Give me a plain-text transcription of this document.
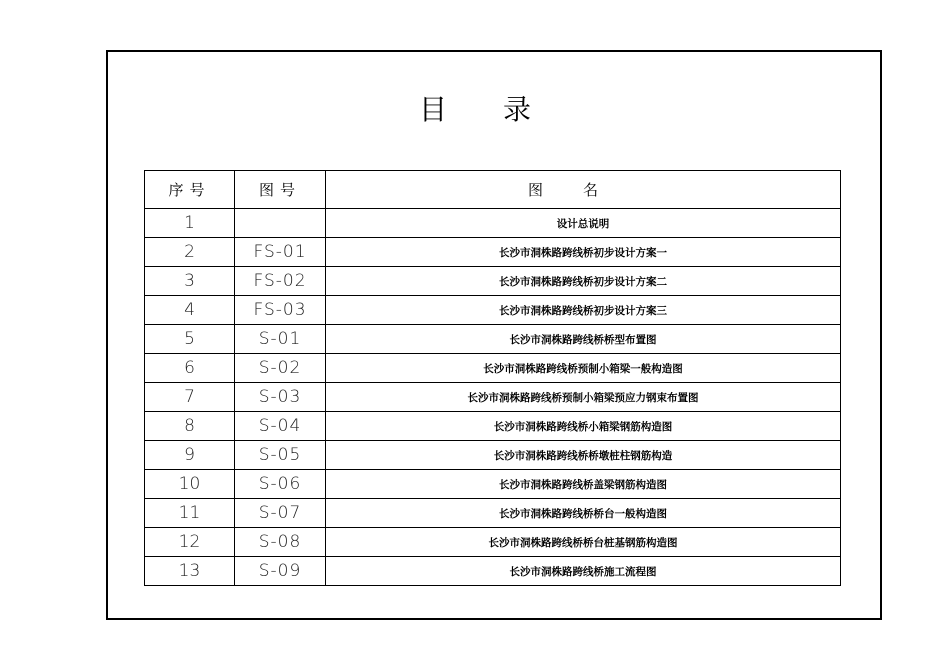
目录
序号	图号	图名
1		设计总说明
2	FS-01	长沙市洞株路跨线桥初步设计方案一
3	FS-02	长沙市洞株路跨线桥初步设计方案二
4	FS-03	长沙市洞株路跨线桥初步设计方案三
5	S-01	长沙市洞株路跨线桥桥型布置图
6	S-02	长沙市洞株路跨线桥预制小箱梁一般构造图
7	S-03	长沙市洞株路跨线桥预制小箱梁预应力钢束布置图
8	S-04	长沙市洞株路跨线桥小箱梁钢筋构造图
9	S-05	长沙市洞株路跨线桥桥墩桩柱钢筋构造
10	S-06	长沙市洞株路跨线桥盖梁钢筋构造图
11	S-07	长沙市洞株路跨线桥桥台一般构造图
12	S-08	长沙市洞株路跨线桥桥台桩基钢筋构造图
13	S-09	长沙市洞株路跨线桥施工流程图
